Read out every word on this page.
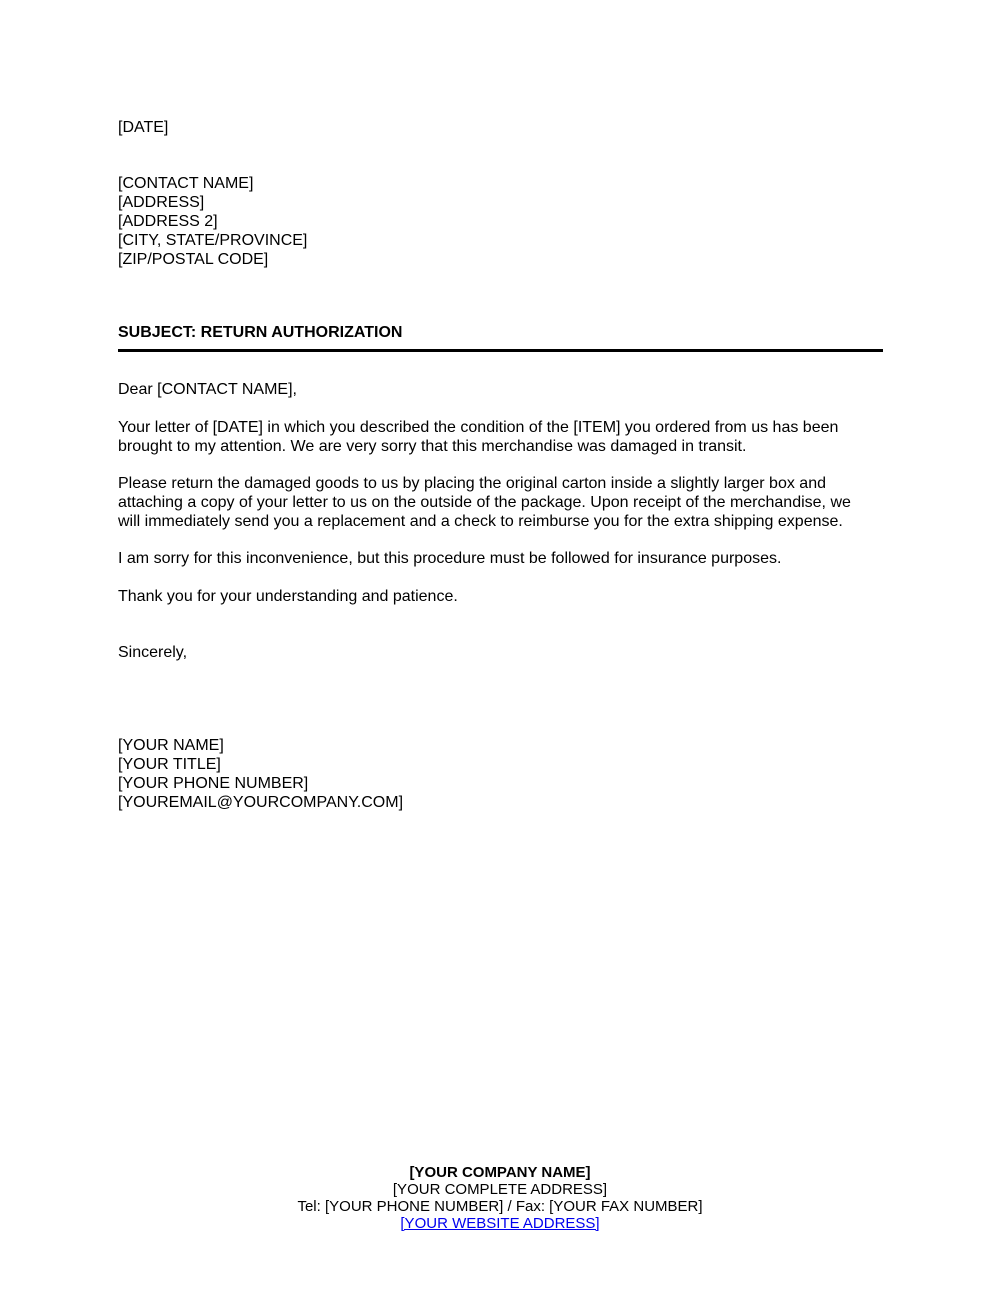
[DATE]
[CONTACT NAME]
[ADDRESS]
[ADDRESS 2]
[CITY, STATE/PROVINCE]
[ZIP/POSTAL CODE]
SUBJECT: RETURN AUTHORIZATION
Dear [CONTACT NAME],
Your letter of [DATE] in which you described the condition of the [ITEM] you ordered from us has been
brought to my attention. We are very sorry that this merchandise was damaged in transit.
Please return the damaged goods to us by placing the original carton inside a slightly larger box and
attaching a copy of your letter to us on the outside of the package. Upon receipt of the merchandise, we
will immediately send you a replacement and a check to reimburse you for the extra shipping expense.
I am sorry for this inconvenience, but this procedure must be followed for insurance purposes.
Thank you for your understanding and patience.
Sincerely,
[YOUR NAME]
[YOUR TITLE]
[YOUR PHONE NUMBER]
[YOUREMAIL@YOURCOMPANY.COM]
[YOUR COMPANY NAME]
[YOUR COMPLETE ADDRESS]
Tel: [YOUR PHONE NUMBER] / Fax: [YOUR FAX NUMBER]
[YOUR WEBSITE ADDRESS]
